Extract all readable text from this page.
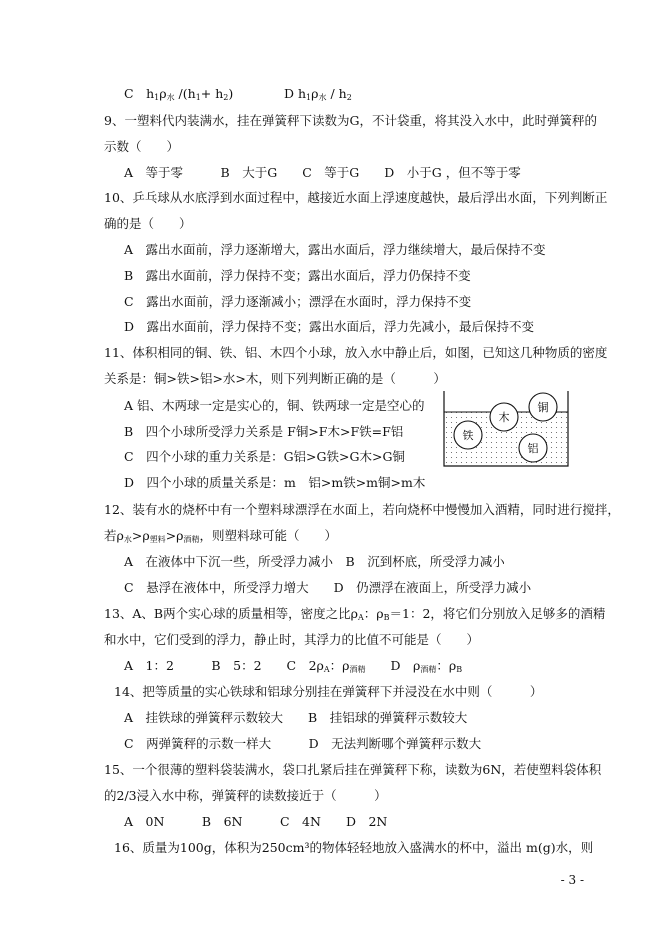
C　$h_1\rho_水$ $/(h_1+ h_2)$	D $h_1\rho_水 / h_2$
9、一塑料代内装满水，挂在弹簧秤下读数为G，不计袋重，将其没入水中，此时弹簧秤的
示数（　　）
A　等于零　　　B　大于G　　C　等于G　　D　小于G ，但不等于零
10、乒乓球从水底浮到水面过程中，越接近水面上浮速度越快，最后浮出水面，下列判断正
确的是（　　）
A　露出水面前，浮力逐渐增大，露出水面后，浮力继续增大，最后保持不变
B　露出水面前，浮力保持不变；露出水面后，浮力仍保持不变
C　露出水面前，浮力逐渐减小；漂浮在水面时，浮力保持不变
D　露出水面前，浮力保持不变；露出水面后，浮力先减小，最后保持不变
11、体积相同的铜、铁、铝、木四个小球，放入水中静止后，如图，已知这几种物质的密度
关系是：铜>铁>铝>水>木，则下列判断正确的是（　　　）
A 铝、木两球一定是实心的，铜、铁两球一定是空心的
B　四个小球所受浮力关系是 F铜>F木>F铁=F铝
C　四个小球的重力关系是：G铝>G铁>G木>G铜
D　四个小球的质量关系是：m　铝>m铁>m铜>m木
木
铜
铁
铝
12、装有水的烧杯中有一个塑料球漂浮在水面上，若向烧杯中慢慢加入酒精，同时进行搅拌，
若$\rho_水>\rho_{塑料}>\rho_{酒精}$，则塑料球可能（　　）
A　在液体中下沉一些，所受浮力减小　B　沉到杯底，所受浮力减小
C　悬浮在液体中，所受浮力增大　　D　仍漂浮在液面上，所受浮力减小
13、A、B两个实心球的质量相等，密度之比$\rho_A$：$\rho_B=1$：2，将它们分别放入足够多的酒精
和水中，它们受到的浮力，静止时，其浮力的比值不可能是（　　）
A　1：2　　　B　5：2　　C　$2\rho_A$：$\rho_{酒精}$　　D　$\rho_{酒精}$：$\rho_B$
14、把等质量的实心铁球和铝球分别挂在弹簧秤下并浸没在水中则（　　　）
A　挂铁球的弹簧秤示数较大　　B　挂铝球的弹簧秤示数较大
C　两弹簧秤的示数一样大　　　D　无法判断哪个弹簧秤示数大
15、一个很薄的塑料袋装满水，袋口扎紧后挂在弹簧秤下称，读数为6N，若使塑料袋体积
的2/3浸入水中称，弹簧秤的读数接近于（　　　）
A　0N　　　B　6N　　　C　4N　　D　2N
16、质量为100g，体积为250cm³的物体轻轻地放入盛满水的杯中，溢出 m(g)水，则
- 3 -
